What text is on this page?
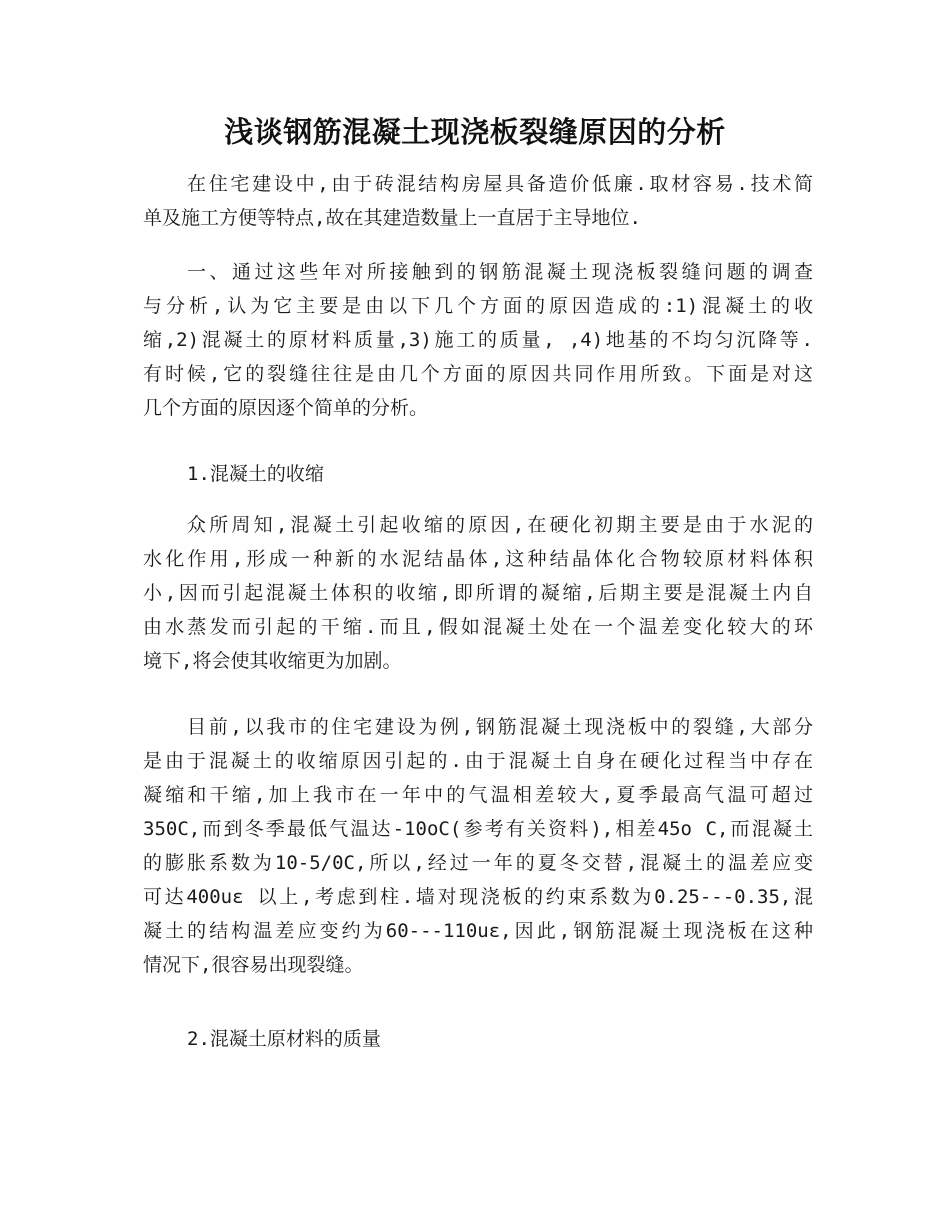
浅谈钢筋混凝土现浇板裂缝原因的分析
在住宅建设中,由于砖混结构房屋具备造价低廉.取材容易.技术简
单及施工方便等特点,故在其建造数量上一直居于主导地位.
一、通过这些年对所接触到的钢筋混凝土现浇板裂缝问题的调查
与分析,认为它主要是由以下几个方面的原因造成的:1)混凝土的收
缩,2)混凝土的原材料质量,3)施工的质量, ,4)地基的不均匀沉降等.
有时候,它的裂缝往往是由几个方面的原因共同作用所致。下面是对这
几个方面的原因逐个简单的分析。
1.混凝土的收缩
众所周知,混凝土引起收缩的原因,在硬化初期主要是由于水泥的
水化作用,形成一种新的水泥结晶体,这种结晶体化合物较原材料体积
小,因而引起混凝土体积的收缩,即所谓的凝缩,后期主要是混凝土内自
由水蒸发而引起的干缩.而且,假如混凝土处在一个温差变化较大的环
境下,将会使其收缩更为加剧。
目前,以我市的住宅建设为例,钢筋混凝土现浇板中的裂缝,大部分
是由于混凝土的收缩原因引起的.由于混凝土自身在硬化过程当中存在
凝缩和干缩,加上我市在一年中的气温相差较大,夏季最高气温可超过
350C,而到冬季最低气温达-10oC(参考有关资料),相差45o C,而混凝土
的膨胀系数为10-5/0C,所以,经过一年的夏冬交替,混凝土的温差应变
可达400uε 以上,考虑到柱.墙对现浇板的约束系数为0.25---0.35,混
凝土的结构温差应变约为60---110uε,因此,钢筋混凝土现浇板在这种
情况下,很容易出现裂缝。
2.混凝土原材料的质量
